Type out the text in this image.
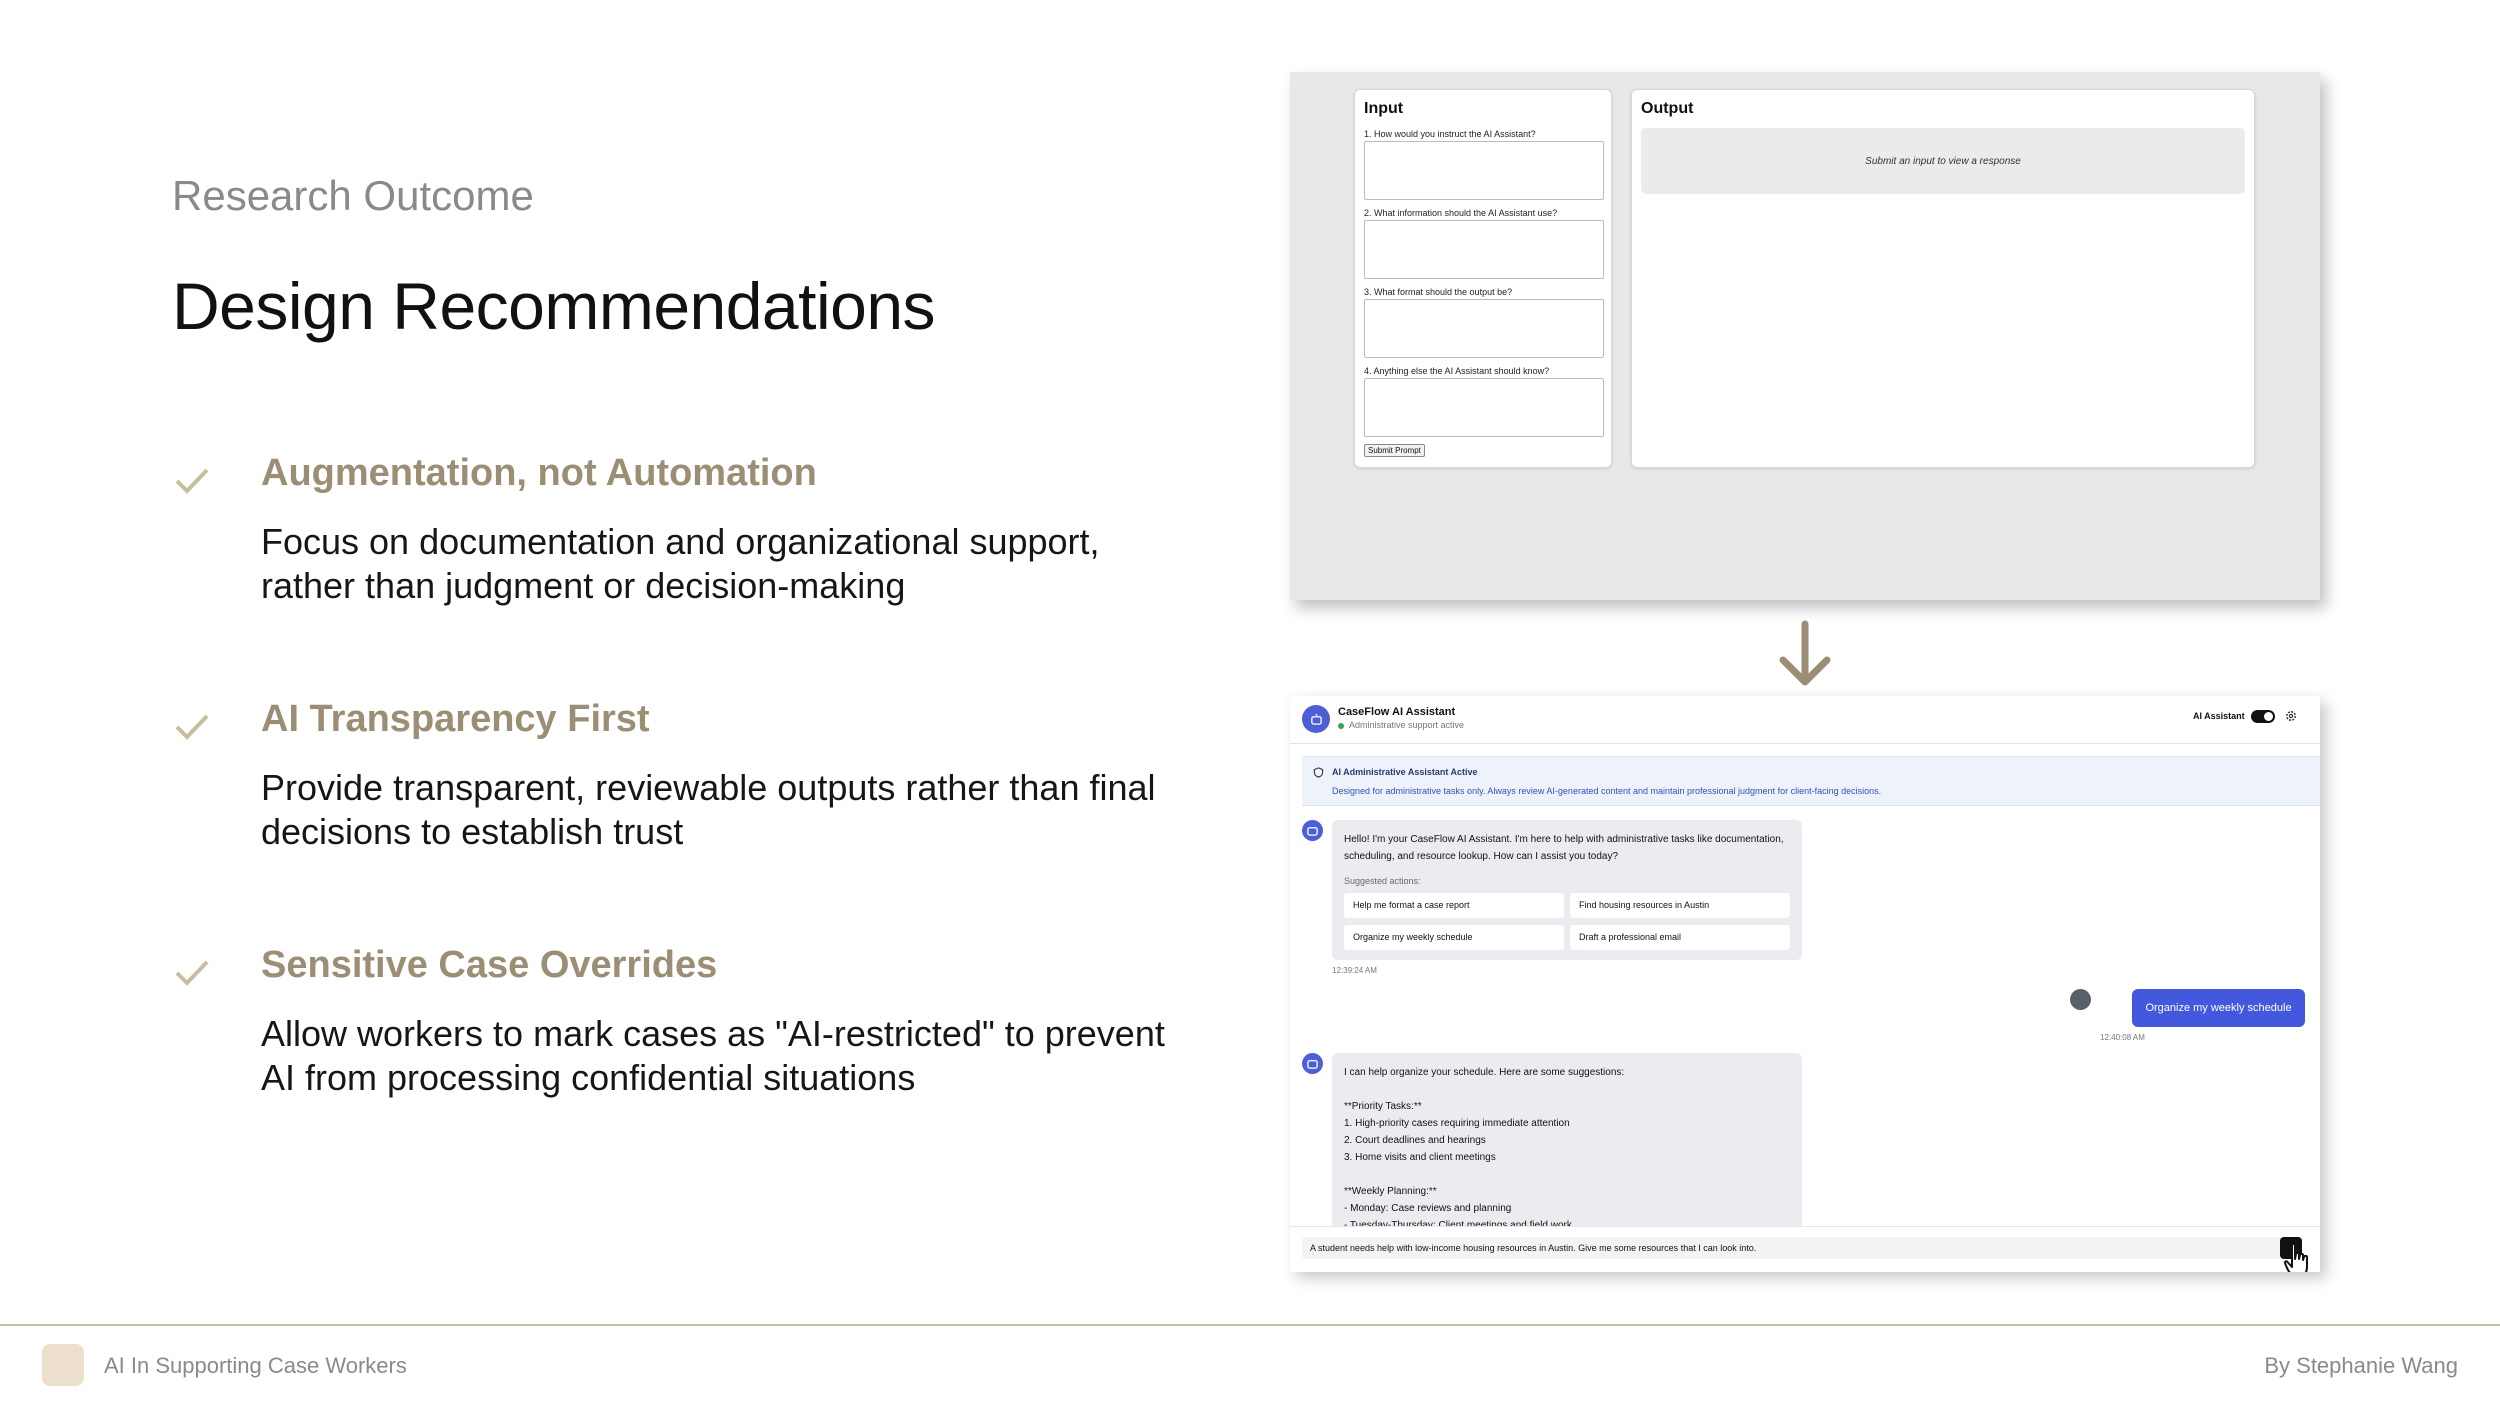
Research Outcome
Design Recommendations
Augmentation, not Automation
Focus on documentation and organizational support, rather than judgment or decision-making
AI Transparency First
Provide transparent, reviewable outputs rather than final decisions to establish trust
Sensitive Case Overrides
Allow workers to mark cases as "AI-restricted" to prevent AI from processing confidential situations
Input
1. How would you instruct the AI Assistant?
2. What information should the AI Assistant use?
3. What format should the output be?
4. Anything else the AI Assistant should know?
Submit Prompt
Output
Submit an input to view a response
CaseFlow AI Assistant
Administrative support active
AI Assistant
AI Administrative Assistant Active
Designed for administrative tasks only. Always review AI-generated content and maintain professional judgment for client-facing decisions.
Hello! I'm your CaseFlow AI Assistant. I'm here to help with administrative tasks like documentation, scheduling, and resource lookup. How can I assist you today?
Suggested actions:
Help me format a case report	Find housing resources in Austin
Organize my weekly schedule	Draft a professional email
12:39:24 AM
Organize my weekly schedule
12:40:08 AM
I can help organize your schedule. Here are some suggestions:

**Priority Tasks:**
1. High-priority cases requiring immediate attention
2. Court deadlines and hearings
3. Home visits and client meetings

**Weekly Planning:**
- Monday: Case reviews and planning

A student needs help with low-income housing resources in Austin. Give me some resources that I can look into.
AI In Supporting Case Workers	By Stephanie Wang
